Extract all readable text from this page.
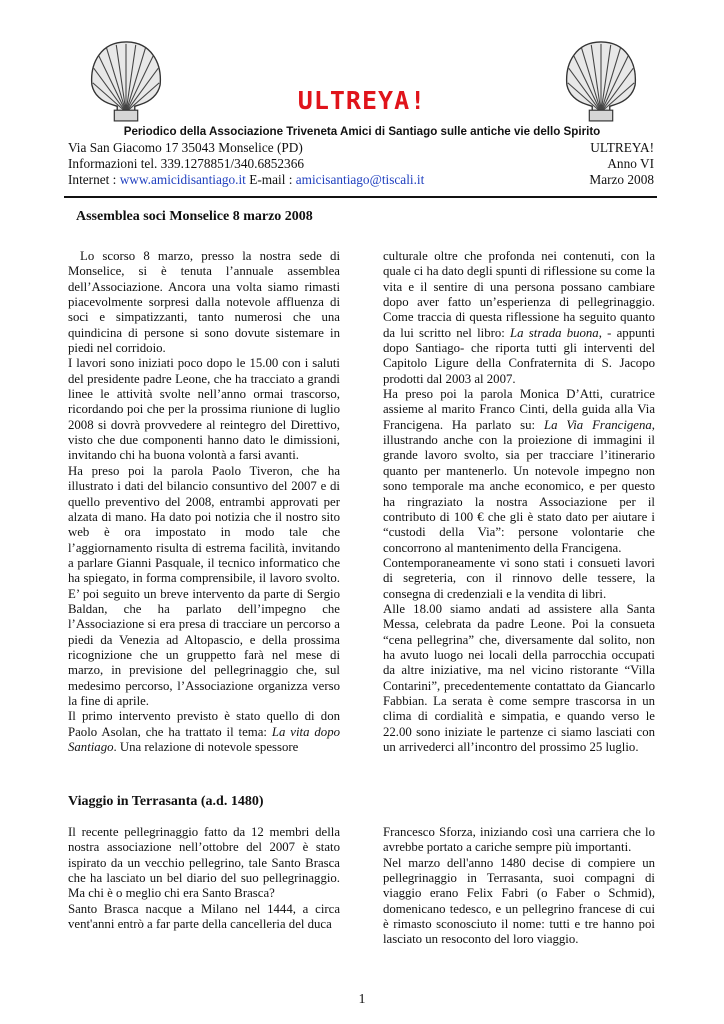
ULTREYA!
Periodico della Associazione Triveneta Amici di Santiago sulle antiche vie dello Spirito
Via San Giacomo 17 35043 Monselice (PD)	ULTREYA!
Informazioni tel. 339.1278851/340.6852366	Anno VI
Internet : www.amicidisantiago.it E-mail : amicisantiago@tiscali.it	Marzo 2008
Assemblea soci Monselice 8 marzo 2008

Lo scorso 8 marzo, presso la nostra sede di Monselice, si è tenuta l’annuale assemblea dell’Associazione. Ancora una volta siamo rimasti piacevolmente sorpresi dalla notevole affluenza di soci e simpatizzanti, tanto numerosi che una quindicina di persone si sono dovute sistemare in piedi nel corridoio.

I lavori sono iniziati poco dopo le 15.00 con i saluti del presidente padre Leone, che ha tracciato a grandi linee le attività svolte nell’anno ormai trascorso, ricordando poi che per la prossima riunione di luglio 2008 si dovrà provvedere al reintegro del Direttivo, visto che due componenti hanno dato le dimissioni, invitando chi ha buona volontà a farsi avanti.

Ha preso poi la parola Paolo Tiveron, che ha illustrato i dati del bilancio consuntivo del 2007 e di quello preventivo del 2008, entrambi approvati per alzata di mano. Ha dato poi notizia che il nostro sito web è ora impostato in modo tale che l’aggiornamento risulta di estrema facilità, invitando a parlare Gianni Pasquale, il tecnico informatico che ha spiegato, in forma comprensibile, il lavoro svolto. E’ poi seguito un breve intervento da parte di Sergio Baldan, che ha parlato dell’impegno che l’Associazione si era presa di tracciare un percorso a piedi da Venezia ad Altopascio, e della prossima ricognizione che un gruppetto farà nel mese di marzo, in previsione del pellegrinaggio che, sul medesimo percorso, l’Associazione organizza verso la fine di aprile.

Il primo intervento previsto è stato quello di don Paolo Asolan, che ha trattato il tema: La vita dopo Santiago. Una relazione di notevole spessore

culturale oltre che profonda nei contenuti, con la quale ci ha dato degli spunti di riflessione su come la vita e il sentire di una persona possano cambiare dopo aver fatto un’esperienza di pellegrinaggio. Come traccia di questa riflessione ha seguito quanto da lui scritto nel libro: La strada buona, - appunti dopo Santiago- che riporta tutti gli interventi del Capitolo Ligure della Confraternita di S. Jacopo prodotti dal 2003 al 2007.

Ha preso poi la parola Monica D’Atti, curatrice assieme al marito Franco Cinti, della guida alla Via Francigena. Ha parlato su: La Via Francigena, illustrando anche con la proiezione di immagini il grande lavoro svolto, sia per tracciare l’itinerario quanto per mantenerlo. Un notevole impegno non sono temporale ma anche economico, e per questo ha ringraziato la nostra Associazione per il contributo di 100 € che gli è stato dato per aiutare i “custodi della Via”: persone volontarie che concorrono al mantenimento della Francigena.

Contemporaneamente vi sono stati i consueti lavori di segreteria, con il rinnovo delle tessere, la consegna di credenziali e la vendita di libri.

Alle 18.00 siamo andati ad assistere alla Santa Messa, celebrata da padre Leone. Poi la consueta “cena pellegrina” che, diversamente dal solito, non ha avuto luogo nei locali della parrocchia occupati da altre iniziative, ma nel vicino ristorante “Villa Contarini”, precedentemente contattato da Giancarlo Fabbian. La serata è come sempre trascorsa in un clima di cordialità e simpatia, e quando verso le 22.00 sono iniziate le partenze ci siamo lasciati con un arrivederci all’incontro del prossimo 25 luglio.

Viaggio in Terrasanta (a.d. 1480)

Il recente pellegrinaggio fatto da 12 membri della nostra associazione nell’ottobre del 2007 è stato ispirato da un vecchio pellegrino, tale Santo Brasca che ha lasciato un bel diario del suo pellegrinaggio. Ma chi è o meglio chi era Santo Brasca?

Santo Brasca nacque a Milano nel 1444, a circa vent'anni entrò a far parte della cancelleria del duca

Francesco Sforza, iniziando così una carriera che lo avrebbe portato a cariche sempre più importanti.

Nel marzo dell'anno 1480 decise di compiere un pellegrinaggio in Terrasanta, suoi compagni di viaggio erano Felix Fabri (o Faber o Schmid), domenicano tedesco, e un pellegrino francese di cui è rimasto sconosciuto il nome: tutti e tre hanno poi lasciato un resoconto del loro viaggio.

1
